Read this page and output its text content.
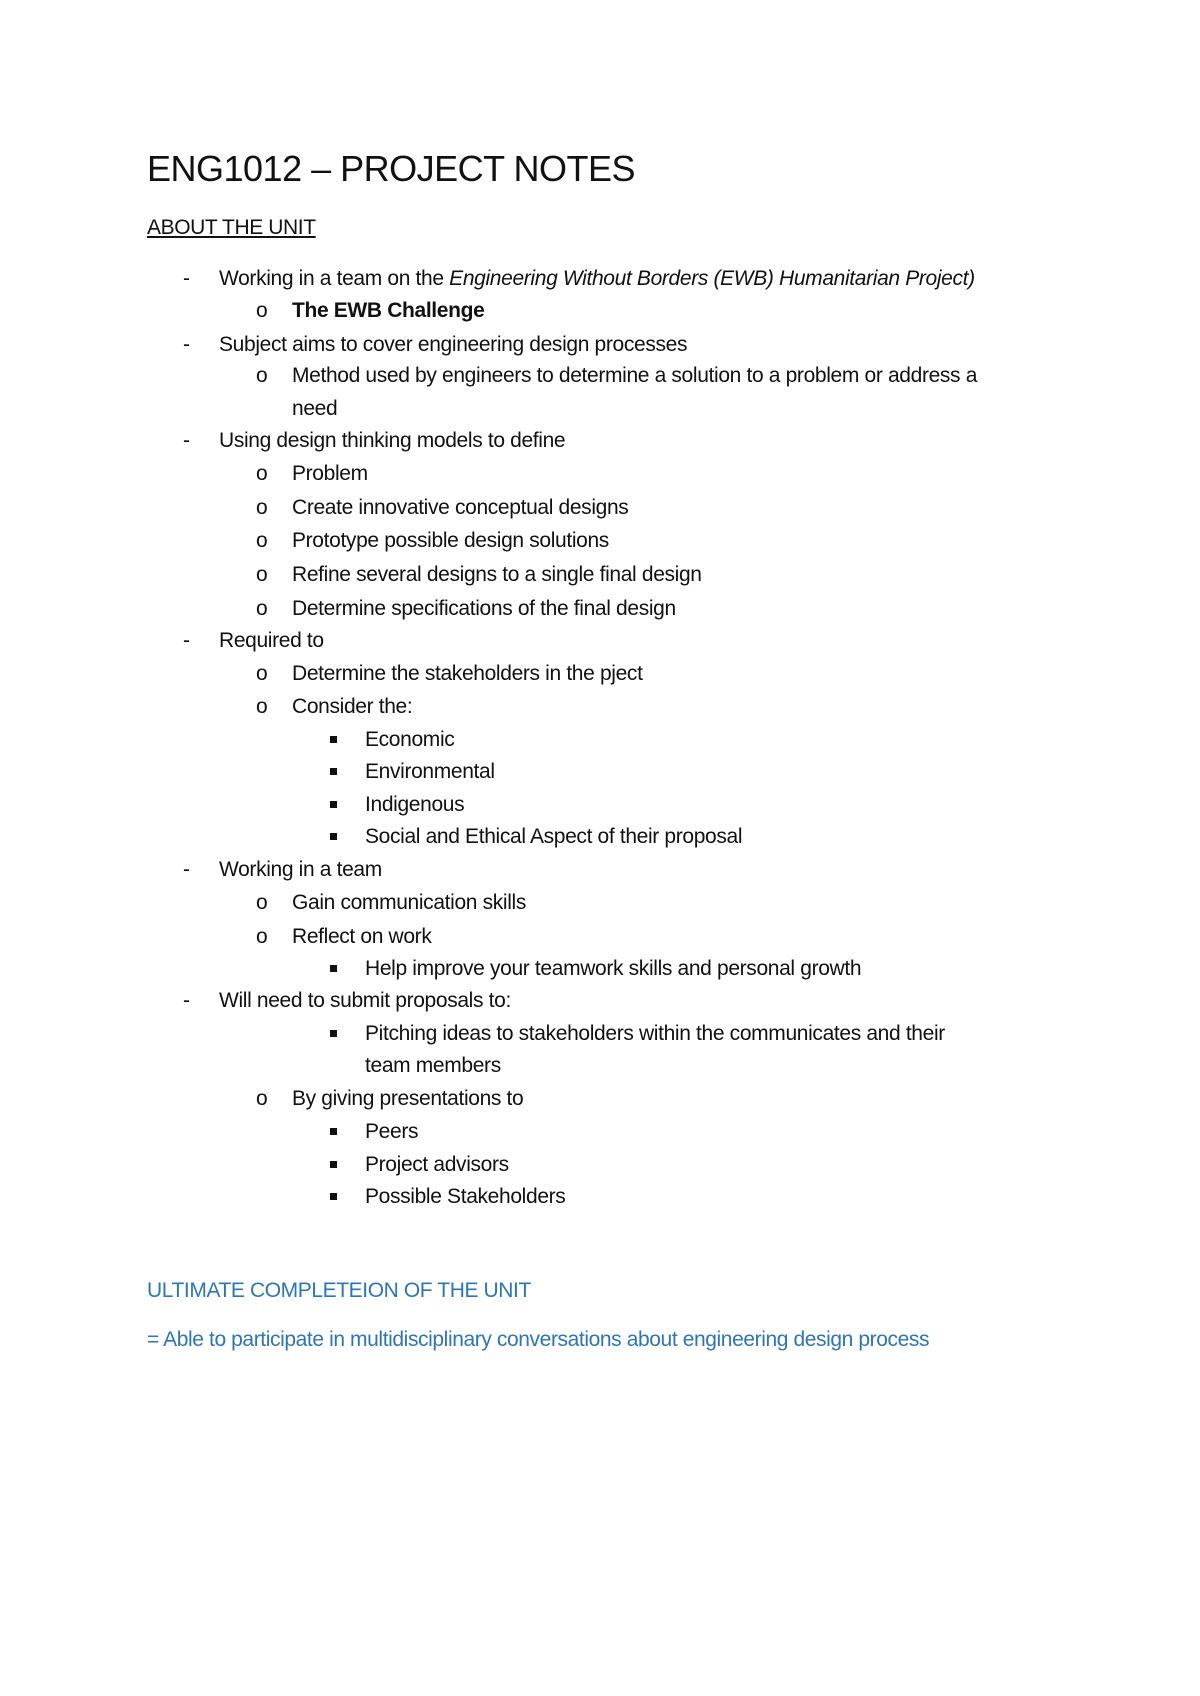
ENG1012 – PROJECT NOTES
ABOUT THE UNIT
- Working in a team on the Engineering Without Borders (EWB) Humanitarian Project)
o The EWB Challenge
- Subject aims to cover engineering design processes
o Method used by engineers to determine a solution to a problem or address a
need
- Using design thinking models to define
o Problem
o Create innovative conceptual designs
o Prototype possible design solutions
o Refine several designs to a single final design
o Determine specifications of the final design
- Required to
o Determine the stakeholders in the pject
o Consider the:
Economic
Environmental
Indigenous
Social and Ethical Aspect of their proposal
- Working in a team
o Gain communication skills
o Reflect on work
Help improve your teamwork skills and personal growth
- Will need to submit proposals to:
Pitching ideas to stakeholders within the communicates and their
team members
o By giving presentations to
Peers
Project advisors
Possible Stakeholders
ULTIMATE COMPLETEION OF THE UNIT
= Able to participate in multidisciplinary conversations about engineering design process
